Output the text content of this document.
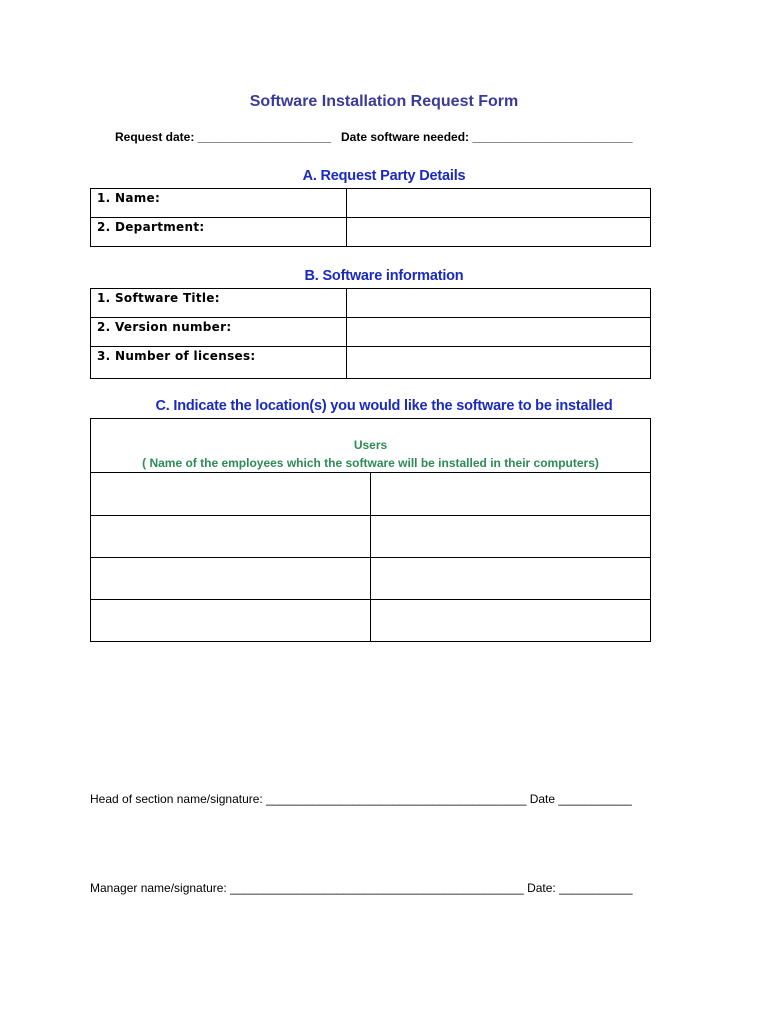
Software Installation Request Form
Request date: ____________________ Date software needed: ________________________
A. Request Party Details
1. Name:	
2. Department:	
B. Software information
1. Software Title:	
2. Version number:	
3. Number of licenses:	
C. Indicate the location(s) you would like the software to be installed
Users
( Name of the employees which the software will be installed in their computers)	

Head of section name/signature: _______________________________________ Date ___________
Manager name/signature: ____________________________________________ Date: ___________
